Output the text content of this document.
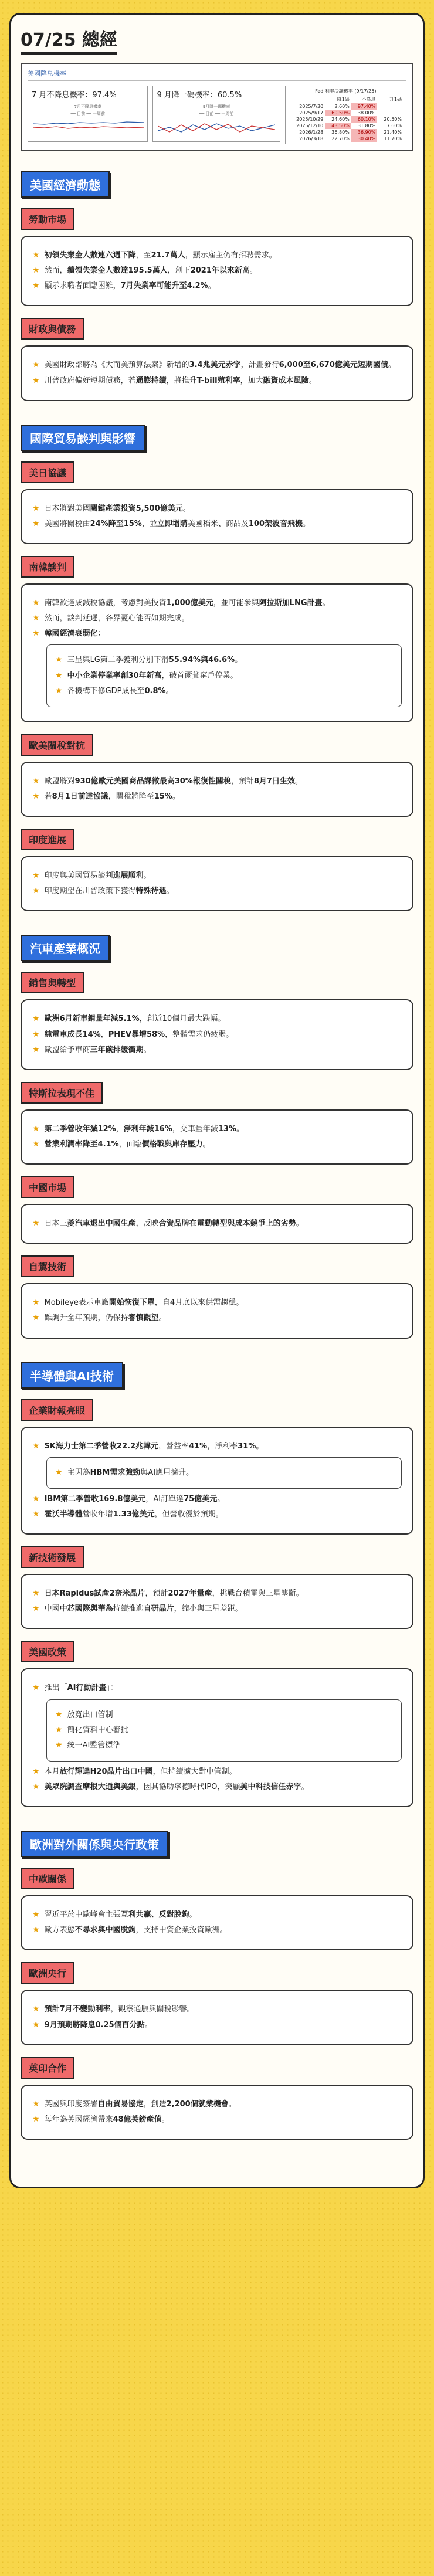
07/25 總經
美國降息機率
7 月不降息機率：97.4%
7月不降息機率
── 目前 ── 一周前
9 月降一碼機率：60.5%
9月降一碼機率
── 目前 ── 一周前
Fed 利率決議機率 (9/17/25)
	降1碼	不降息	升1碼
2025/7/30	2.60%	97.40%	
2025/9/17	60.50%	38.00%	
2025/10/29	24.60%	60.10%	20.50%
2025/12/10	43.50%	31.80%	7.60%
2026/1/28	36.80%	36.90%	21.40%
2026/3/18	22.70%	30.40%	11.70%
美國經濟動態
勞動市場
★ 初領失業金人數連六週下降，至21.7萬人，顯示雇主仍有招聘需求。
★ 然而，續領失業金人數達195.5萬人，創下2021年以來新高。
★ 顯示求職者面臨困難，7月失業率可能升至4.2%。
財政與債務
★ 美國財政部將為《大而美預算法案》新增的3.4兆美元赤字，計畫發行6,000至6,670億美元短期國債。
★ 川普政府偏好短期債務，若通膨持續，將推升T-bill殖利率，加大融資成本風險。
國際貿易談判與影響
美日協議
★ 日本將對美國關鍵產業投資5,500億美元。
★ 美國將關稅由24%降至15%，並立即增購美國稻米、商品及100架波音飛機。
南韓談判
★ 南韓欲達成減稅協議，考慮對美投資1,000億美元，並可能參與阿拉斯加LNG計畫。
★ 然而，談判延遲，各界憂心能否如期完成。
★ 韓國經濟衰弱化：
★ 三星與LG第二季獲利分別下滑55.94%與46.6%。
★ 中小企業停業率創30年新高，破首爾貧窮戶停業。
★ 各機構下修GDP成長至0.8%。
歐美關稅對抗
★ 歐盟將對930億歐元美國商品課徵最高30%報復性關稅，預計8月7日生效。
★ 若8月1日前達協議，關稅將降至15%。
印度進展
★ 印度與美國貿易談判進展順利。
★ 印度期望在川普政策下獲得特殊待遇。
汽車產業概況
銷售與轉型
★ 歐洲6月新車銷量年減5.1%，創近10個月最大跌幅。
★ 純電車成長14%，PHEV暴增58%，整體需求仍疲弱。
★ 歐盟給予車商三年碳排緩衝期。
特斯拉表現不佳
★ 第二季營收年減12%，淨利年減16%，交車量年減13%。
★ 營業利潤率降至4.1%，面臨價格戰與庫存壓力。
中國市場
★ 日本三菱汽車退出中國生產，反映合資品牌在電動轉型與成本競爭上的劣勢。
自駕技術
★ Mobileye表示車廠開始恢復下單，自4月底以來供需趨穩。
★ 雖調升全年預期，仍保持審慎觀望。
半導體與AI技術
企業財報亮眼
★ SK海力士第二季營收22.2兆韓元，營益率41%，淨利率31%。
★ 主因為HBM需求強勁與AI應用擴升。
★ IBM第二季營收169.8億美元，AI訂單達75億美元。
★ 霍沃半導體營收年增1.33億美元，但營收優於預期。
新技術發展
★ 日本Rapidus試產2奈米晶片，預計2027年量產，挑戰台積電與三星壟斷。
★ 中國中芯國際與華為持續推進自研晶片，縮小與三星差距。
美國政策
★ 推出「AI行動計畫」：
★ 放寬出口管制
★ 簡化資料中心審批
★ 統一AI監管標準
★ 本月放行輝達H20晶片出口中國，但持續擴大對中管制。
★ 美眾院調查摩根大通與美銀，因其協助寧德時代IPO，突顯美中科技信任赤字。
歐洲對外關係與央行政策
中歐關係
★ 習近平於中歐峰會主張互利共贏、反對脫鉤。
★ 歐方表態不尋求與中國脫鉤，支持中資企業投資歐洲。
歐洲央行
★ 預計7月不變動利率，觀察通脹與關稅影響。
★ 9月預期將降息0.25個百分點。
英印合作
★ 英國與印度簽署自由貿易協定，創造2,200個就業機會。
★ 每年為英國經濟帶來48億英鎊產值。
